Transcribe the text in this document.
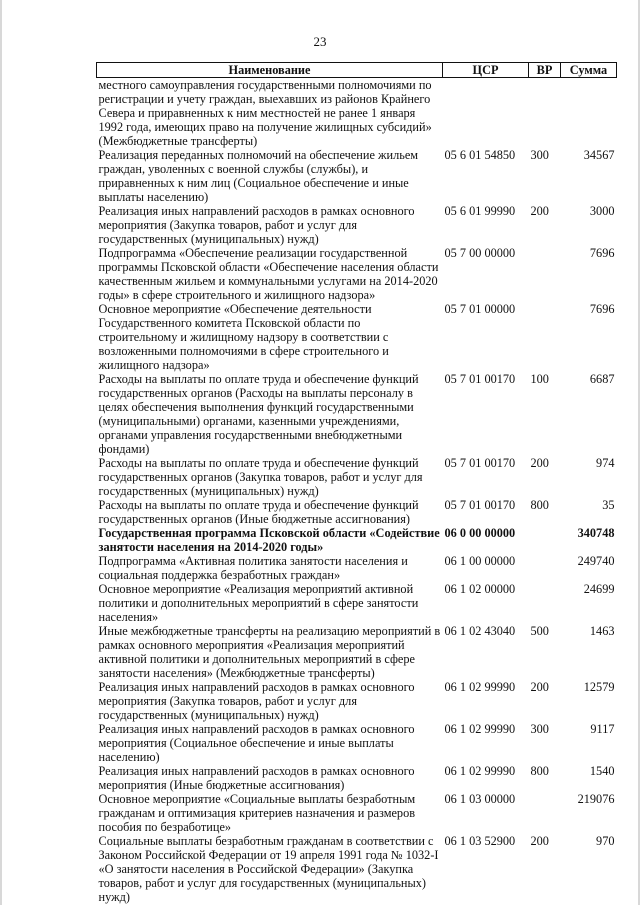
23
Наименование	ЦСР	ВР	Сумма
местного самоуправления государственными полномочиями по регистрации и учету граждан, выехавших из районов Крайнего Севера и приравненных к ним местностей не ранее 1 января 1992 года, имеющих право на получение жилищных субсидий» (Межбюджетные трансферты)			
Реализация переданных полномочий на обеспечение жильем граждан, уволенных с военной службы (службы), и приравненных к ним лиц (Социальное обеспечение и иные выплаты населению)	05 6 01 54850	300	34567
Реализация иных направлений расходов в рамках основного мероприятия (Закупка товаров, работ и услуг для государственных (муниципальных) нужд)	05 6 01 99990	200	3000
Подпрограмма «Обеспечение реализации государственной программы Псковской области «Обеспечение населения области качественным жильем и коммунальными услугами на 2014-2020 годы» в сфере строительного и жилищного надзора»	05 7 00 00000		7696
Основное мероприятие «Обеспечение деятельности Государственного комитета Псковской области по строительному и жилищному надзору в соответствии с возложенными полномочиями в сфере строительного и жилищного надзора»	05 7 01 00000		7696
Расходы на выплаты по оплате труда и обеспечение функций государственных органов (Расходы на выплаты персоналу в целях обеспечения выполнения функций государственными (муниципальными) органами, казенными учреждениями, органами управления государственными внебюджетными фондами)	05 7 01 00170	100	6687
Расходы на выплаты по оплате труда и обеспечение функций государственных органов (Закупка товаров, работ и услуг для государственных (муниципальных) нужд)	05 7 01 00170	200	974
Расходы на выплаты по оплате труда и обеспечение функций государственных органов (Иные бюджетные ассигнования)	05 7 01 00170	800	35
Государственная программа Псковской области «Содействие занятости населения на 2014-2020 годы»	06 0 00 00000		340748
Подпрограмма «Активная политика занятости населения и социальная поддержка безработных граждан»	06 1 00 00000		249740
Основное мероприятие «Реализация мероприятий активной политики и дополнительных мероприятий в сфере занятости населения»	06 1 02 00000		24699
Иные межбюджетные трансферты на реализацию мероприятий в рамках основного мероприятия «Реализация мероприятий активной политики и дополнительных мероприятий в сфере занятости населения» (Межбюджетные трансферты)	06 1 02 43040	500	1463
Реализация иных направлений расходов в рамках основного мероприятия (Закупка товаров, работ и услуг для государственных (муниципальных) нужд)	06 1 02 99990	200	12579
Реализация иных направлений расходов в рамках основного мероприятия (Социальное обеспечение и иные выплаты населению)	06 1 02 99990	300	9117
Реализация иных направлений расходов в рамках основного мероприятия (Иные бюджетные ассигнования)	06 1 02 99990	800	1540
Основное мероприятие «Социальные выплаты безработным гражданам и оптимизация критериев назначения и размеров пособия по безработице»	06 1 03 00000		219076
Социальные выплаты безработным гражданам в соответствии с Законом Российской Федерации от 19 апреля 1991 года № 1032-I «О занятости населения в Российской Федерации» (Закупка товаров, работ и услуг для государственных (муниципальных) нужд)	06 1 03 52900	200	970
